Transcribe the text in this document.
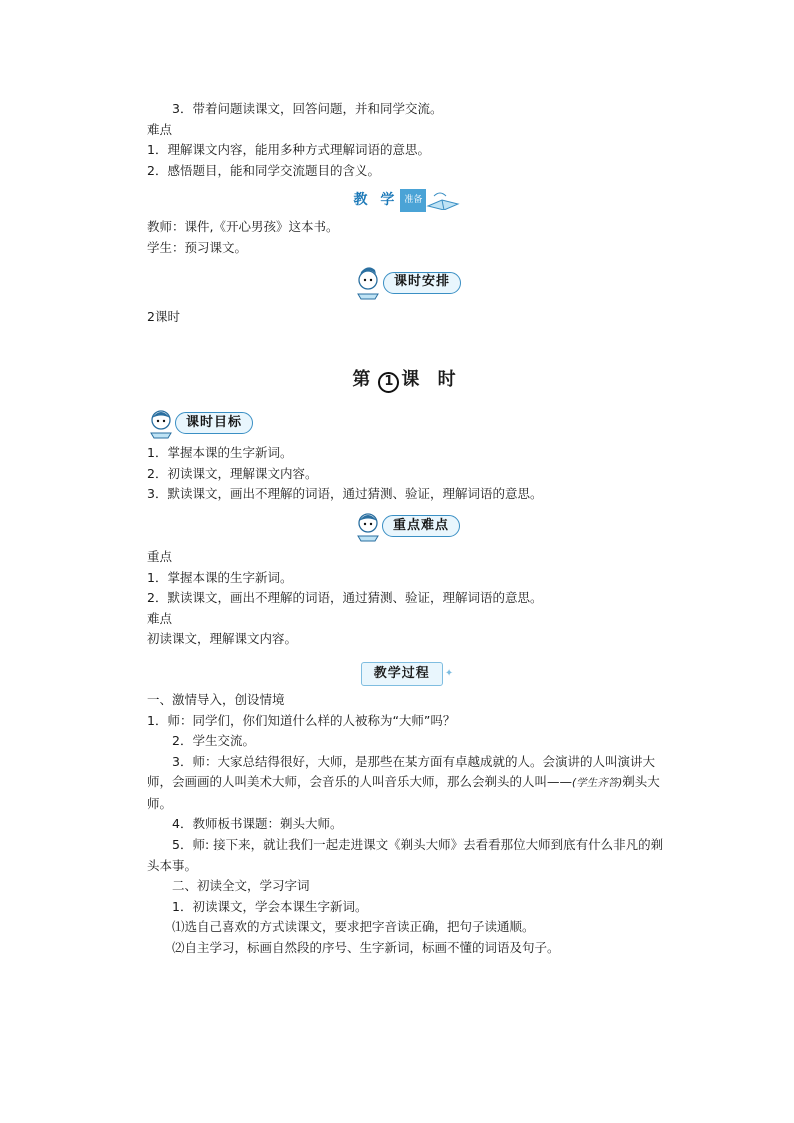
3．带着问题读课文，回答问题，并和同学交流。
难点
1．理解课文内容，能用多种方式理解词语的意思。
2．感悟题目，能和同学交流题目的含义。
教 学 准备
教师：课件,《开心男孩》这本书。
学生：预习课文。
课时安排
2课时
第 1 课 时
课时目标
1．掌握本课的生字新词。
2．初读课文，理解课文内容。
3．默读课文，画出不理解的词语，通过猜测、验证，理解词语的意思。
重点难点
重点
1．掌握本课的生字新词。
2．默读课文，画出不理解的词语，通过猜测、验证，理解词语的意思。
难点
初读课文，理解课文内容。
教学过程	✦
一、激情导入，创设情境
1．师：同学们，你们知道什么样的人被称为“大师”吗？
2．学生交流。
3．师：大家总结得很好，大师，是那些在某方面有卓越成就的人。会演讲的人叫演讲大师，会画画的人叫美术大师，会音乐的人叫音乐大师，那么会剃头的人叫——(学生齐答)剃头大师。
4．教师板书课题：剃头大师。
5．师: 接下来，就让我们一起走进课文《剃头大师》去看看那位大师到底有什么非凡的剃头本事。
二、初读全文，学习字词
1．初读课文，学会本课生字新词。
⑴选自己喜欢的方式读课文，要求把字音读正确，把句子读通顺。
⑵自主学习，标画自然段的序号、生字新词，标画不懂的词语及句子。
